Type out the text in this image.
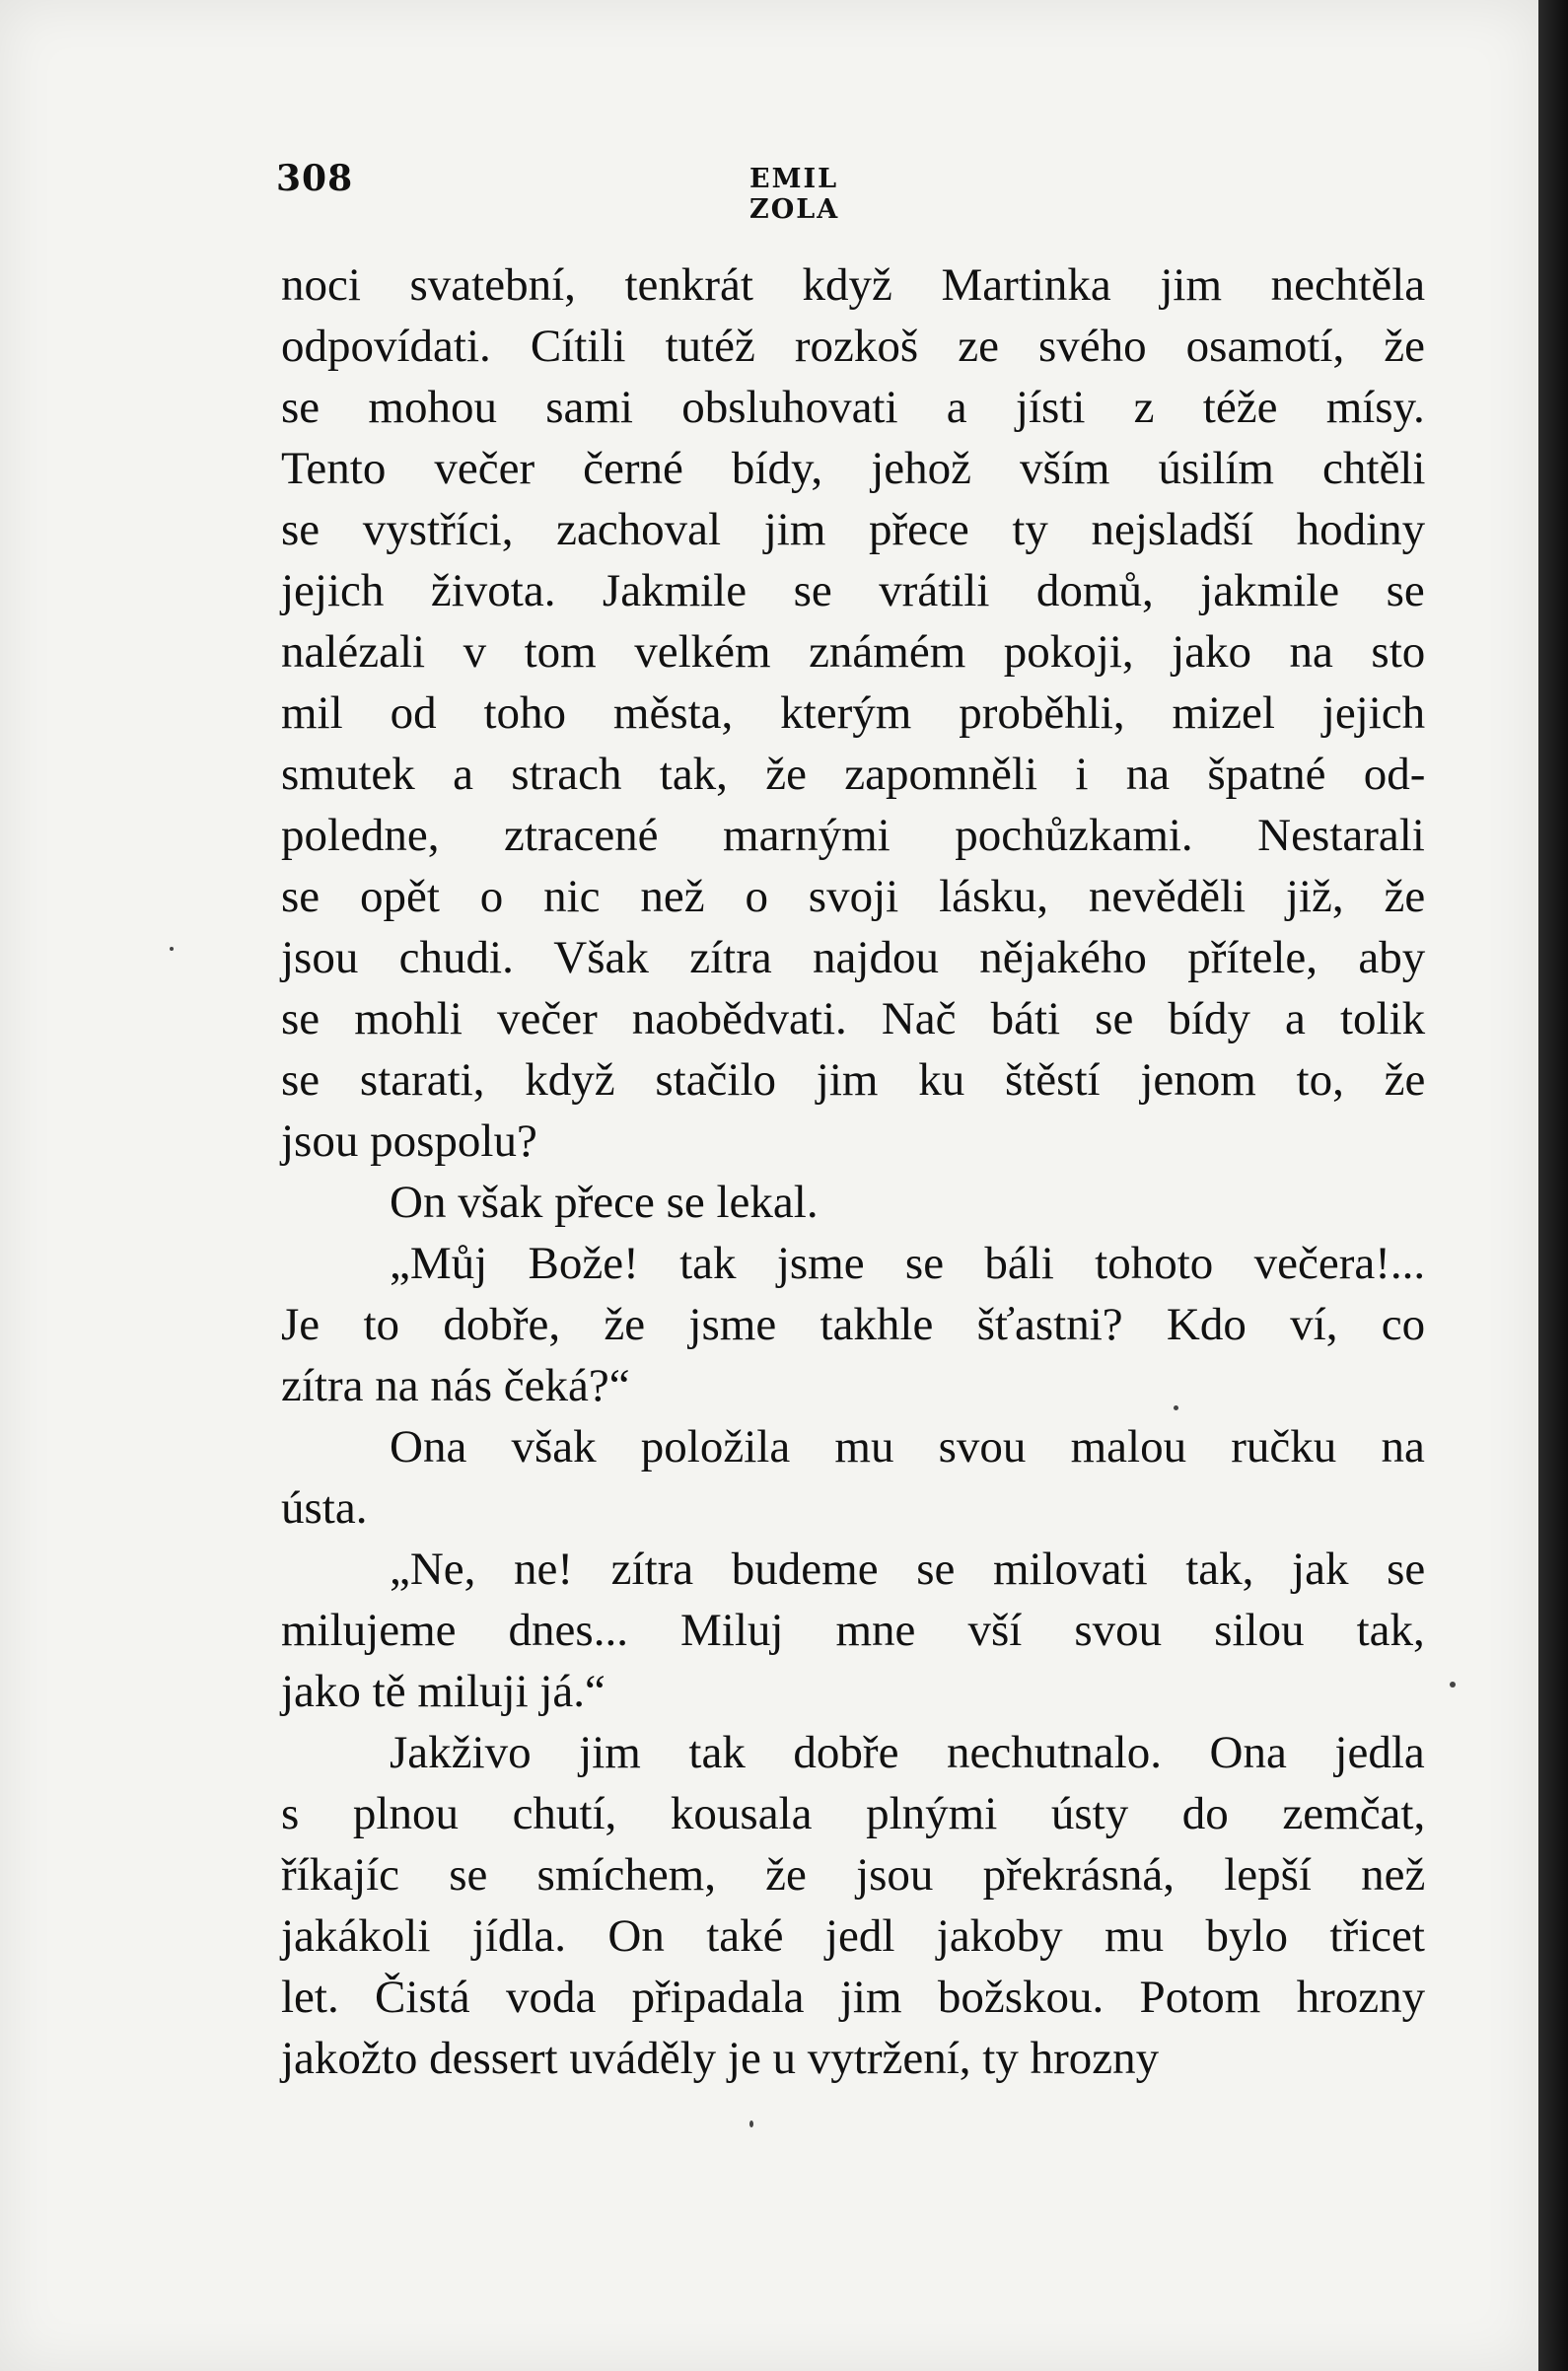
308	EMIL ZOLA
noci svatební, tenkrát když Martinka jim nechtěla
odpovídati. Cítili tutéž rozkoš ze svého osamotí, že
se mohou sami obsluhovati a jísti z téže mísy.
Tento večer černé bídy, jehož vším úsilím chtěli
se vystříci, zachoval jim přece ty nejsladší hodiny
jejich života. Jakmile se vrátili domů, jakmile se
nalézali v tom velkém známém pokoji, jako na sto
mil od toho města, kterým proběhli, mizel jejich
smutek a strach tak, že zapomněli i na špatné od-
poledne, ztracené marnými pochůzkami. Nestarali
se opět o nic než o svoji lásku, nevěděli již, že
jsou chudi. Však zítra najdou nějakého přítele, aby
se mohli večer naobědvati. Nač báti se bídy a tolik
se starati, když stačilo jim ku štěstí jenom to, že
jsou pospolu?
On však přece se lekal.
„Můj Bože! tak jsme se báli tohoto večera!...
Je to dobře, že jsme takhle šťastni? Kdo ví, co
zítra na nás čeká?“
Ona však položila mu svou malou ručku na
ústa.
„Ne, ne! zítra budeme se milovati tak, jak se
milujeme dnes... Miluj mne vší svou silou tak,
jako tě miluji já.“
Jakživo jim tak dobře nechutnalo. Ona jedla
s plnou chutí, kousala plnými ústy do zemčat,
říkajíc se smíchem, že jsou překrásná, lepší než
jakákoli jídla. On také jedl jakoby mu bylo třicet
let. Čistá voda připadala jim božskou. Potom hrozny
jakožto dessert uváděly je u vytržení, ty hrozny
